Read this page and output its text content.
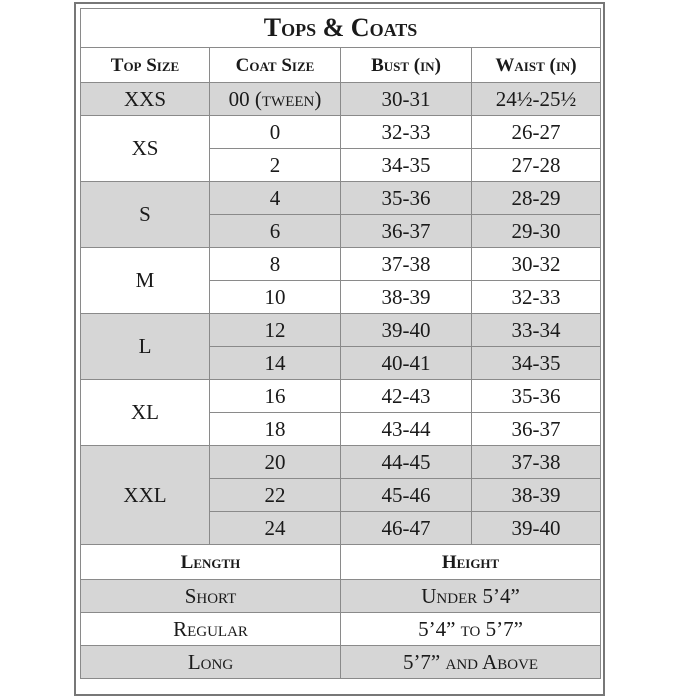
Tops & Coats			
Top Size	Coat Size	Bust (in)	Waist (in)
XXS	00 (tween)	30-31	24½-25½
XS	0	32-33	26-27
	2	34-35	27-28
S	4	35-36	28-29
	6	36-37	29-30
M	8	37-38	30-32
	10	38-39	32-33
L	12	39-40	33-34
	14	40-41	34-35
XL	16	42-43	35-36
	18	43-44	36-37
XXL	20	44-45	37-38
	22	45-46	38-39
	24	46-47	39-40
Length		Height	
Short		Under 5’4”	
Regular		5’4” to 5’7”	
Long		5’7” and Above	
